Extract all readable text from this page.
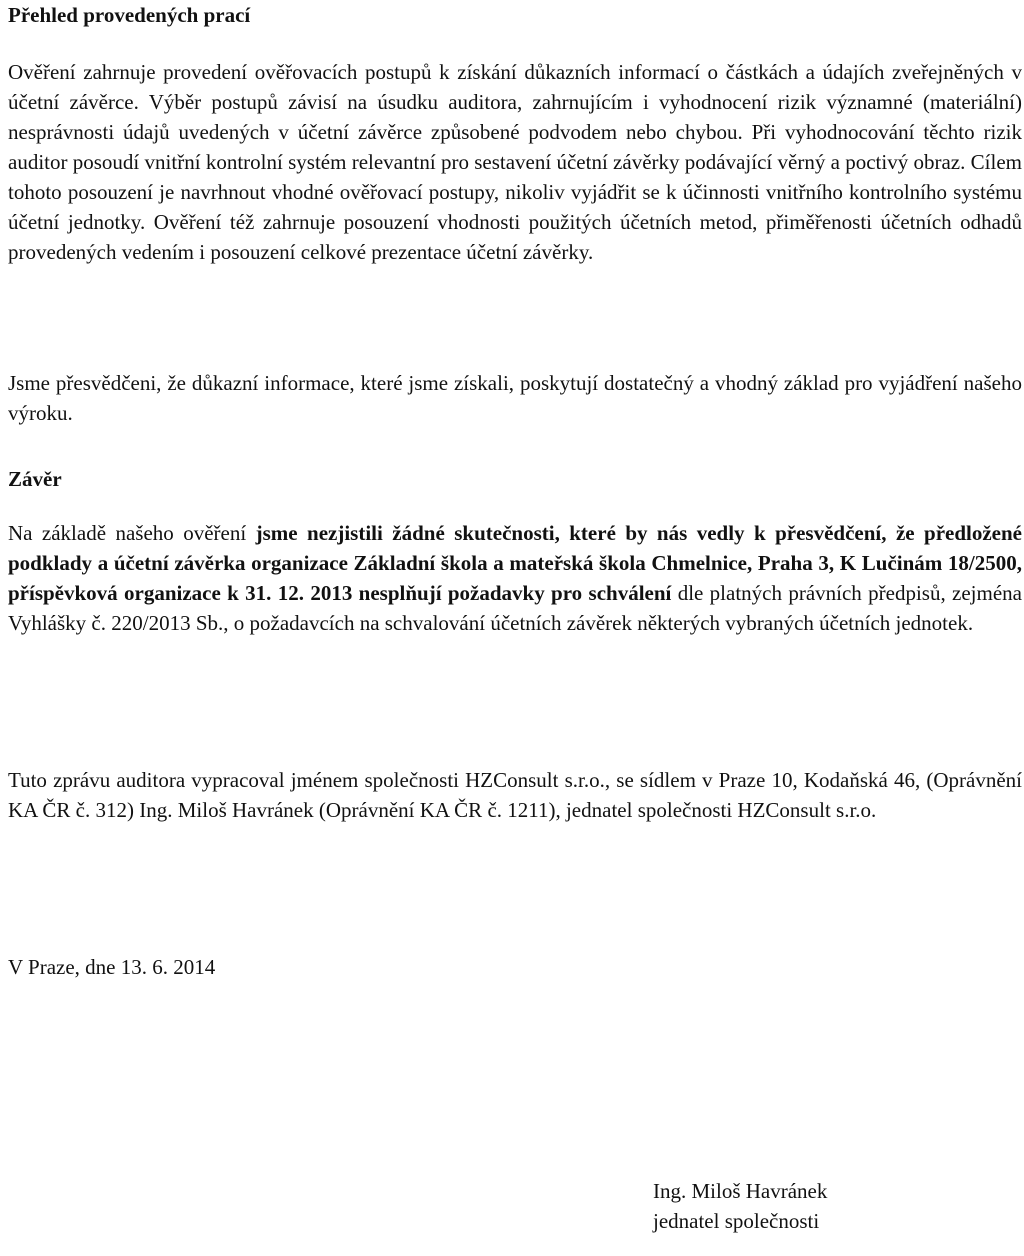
Přehled provedených prací

Ověření zahrnuje provedení ověřovacích postupů k získání důkazních informací o částkách a údajích zveřejněných v účetní závěrce. Výběr postupů závisí na úsudku auditora, zahrnujícím i vyhodnocení rizik významné (materiální) nesprávnosti údajů uvedených v účetní závěrce způsobené podvodem nebo chybou. Při vyhodnocování těchto rizik auditor posoudí vnitřní kontrolní systém relevantní pro sestavení účetní závěrky podávající věrný a poctivý obraz. Cílem tohoto posouzení je navrhnout vhodné ověřovací postupy, nikoliv vyjádřit se k účinnosti vnitřního kontrolního systému účetní jednotky. Ověření též zahrnuje posouzení vhodnosti použitých účetních metod, přiměřenosti účetních odhadů provedených vedením i posouzení celkové prezentace účetní závěrky.

Jsme přesvědčeni, že důkazní informace, které jsme získali, poskytují dostatečný a vhodný základ pro vyjádření našeho výroku.

Závěr

Na základě našeho ověření jsme nezjistili žádné skutečnosti, které by nás vedly k přesvědčení, že předložené podklady a účetní závěrka organizace Základní škola a mateřská škola Chmelnice, Praha 3, K Lučinám 18/2500, příspěvková organizace k 31. 12. 2013 nesplňují požadavky pro schválení dle platných právních předpisů, zejména Vyhlášky č. 220/2013 Sb., o požadavcích na schvalování účetních závěrek některých vybraných účetních jednotek.

Tuto zprávu auditora vypracoval jménem společnosti HZConsult s.r.o., se sídlem v Praze 10, Kodaňská 46, (Oprávnění KA ČR č. 312) Ing. Miloš Havránek (Oprávnění KA ČR č. 1211), jednatel společnosti HZConsult s.r.o.

V Praze, dne 13. 6. 2014

Ing. Miloš Havránek
jednatel společnosti
